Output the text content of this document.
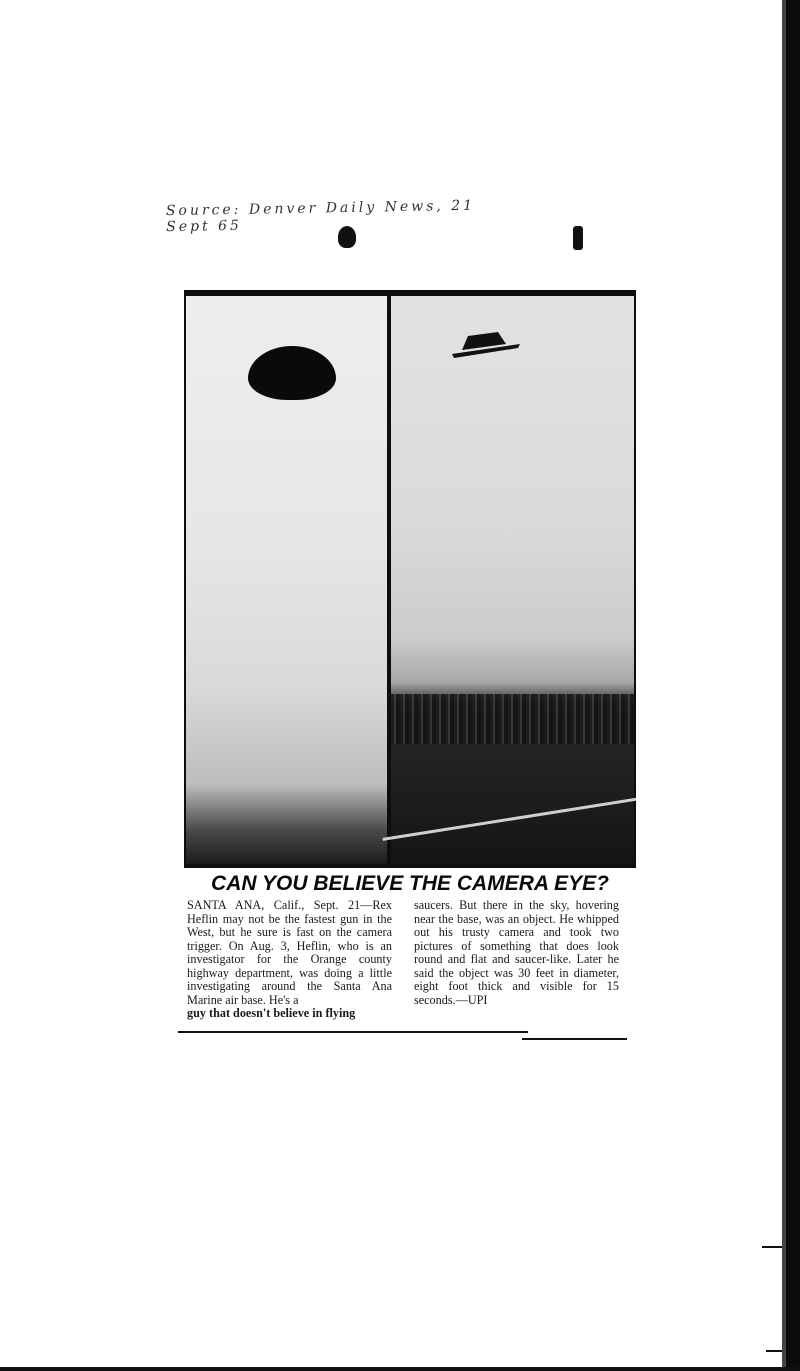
Source: Denver Daily News, 21 Sept 65
CAN YOU BELIEVE THE CAMERA EYE?

SANTA ANA, Calif., Sept. 21—Rex Heflin may not be the fastest gun in the West, but he sure is fast on the camera trigger. On Aug. 3, Heflin, who is an investigator for the Orange county highway department, was doing a little investigating around the Santa Ana Marine air base. He's a

guy that doesn't believe in flying

saucers. But there in the sky, hovering near the base, was an object. He whipped out his trusty camera and took two pictures of something that does look round and flat and saucer-like. Later he said the object was 30 feet in diameter, eight foot thick and visible for 15 seconds.—UPI
